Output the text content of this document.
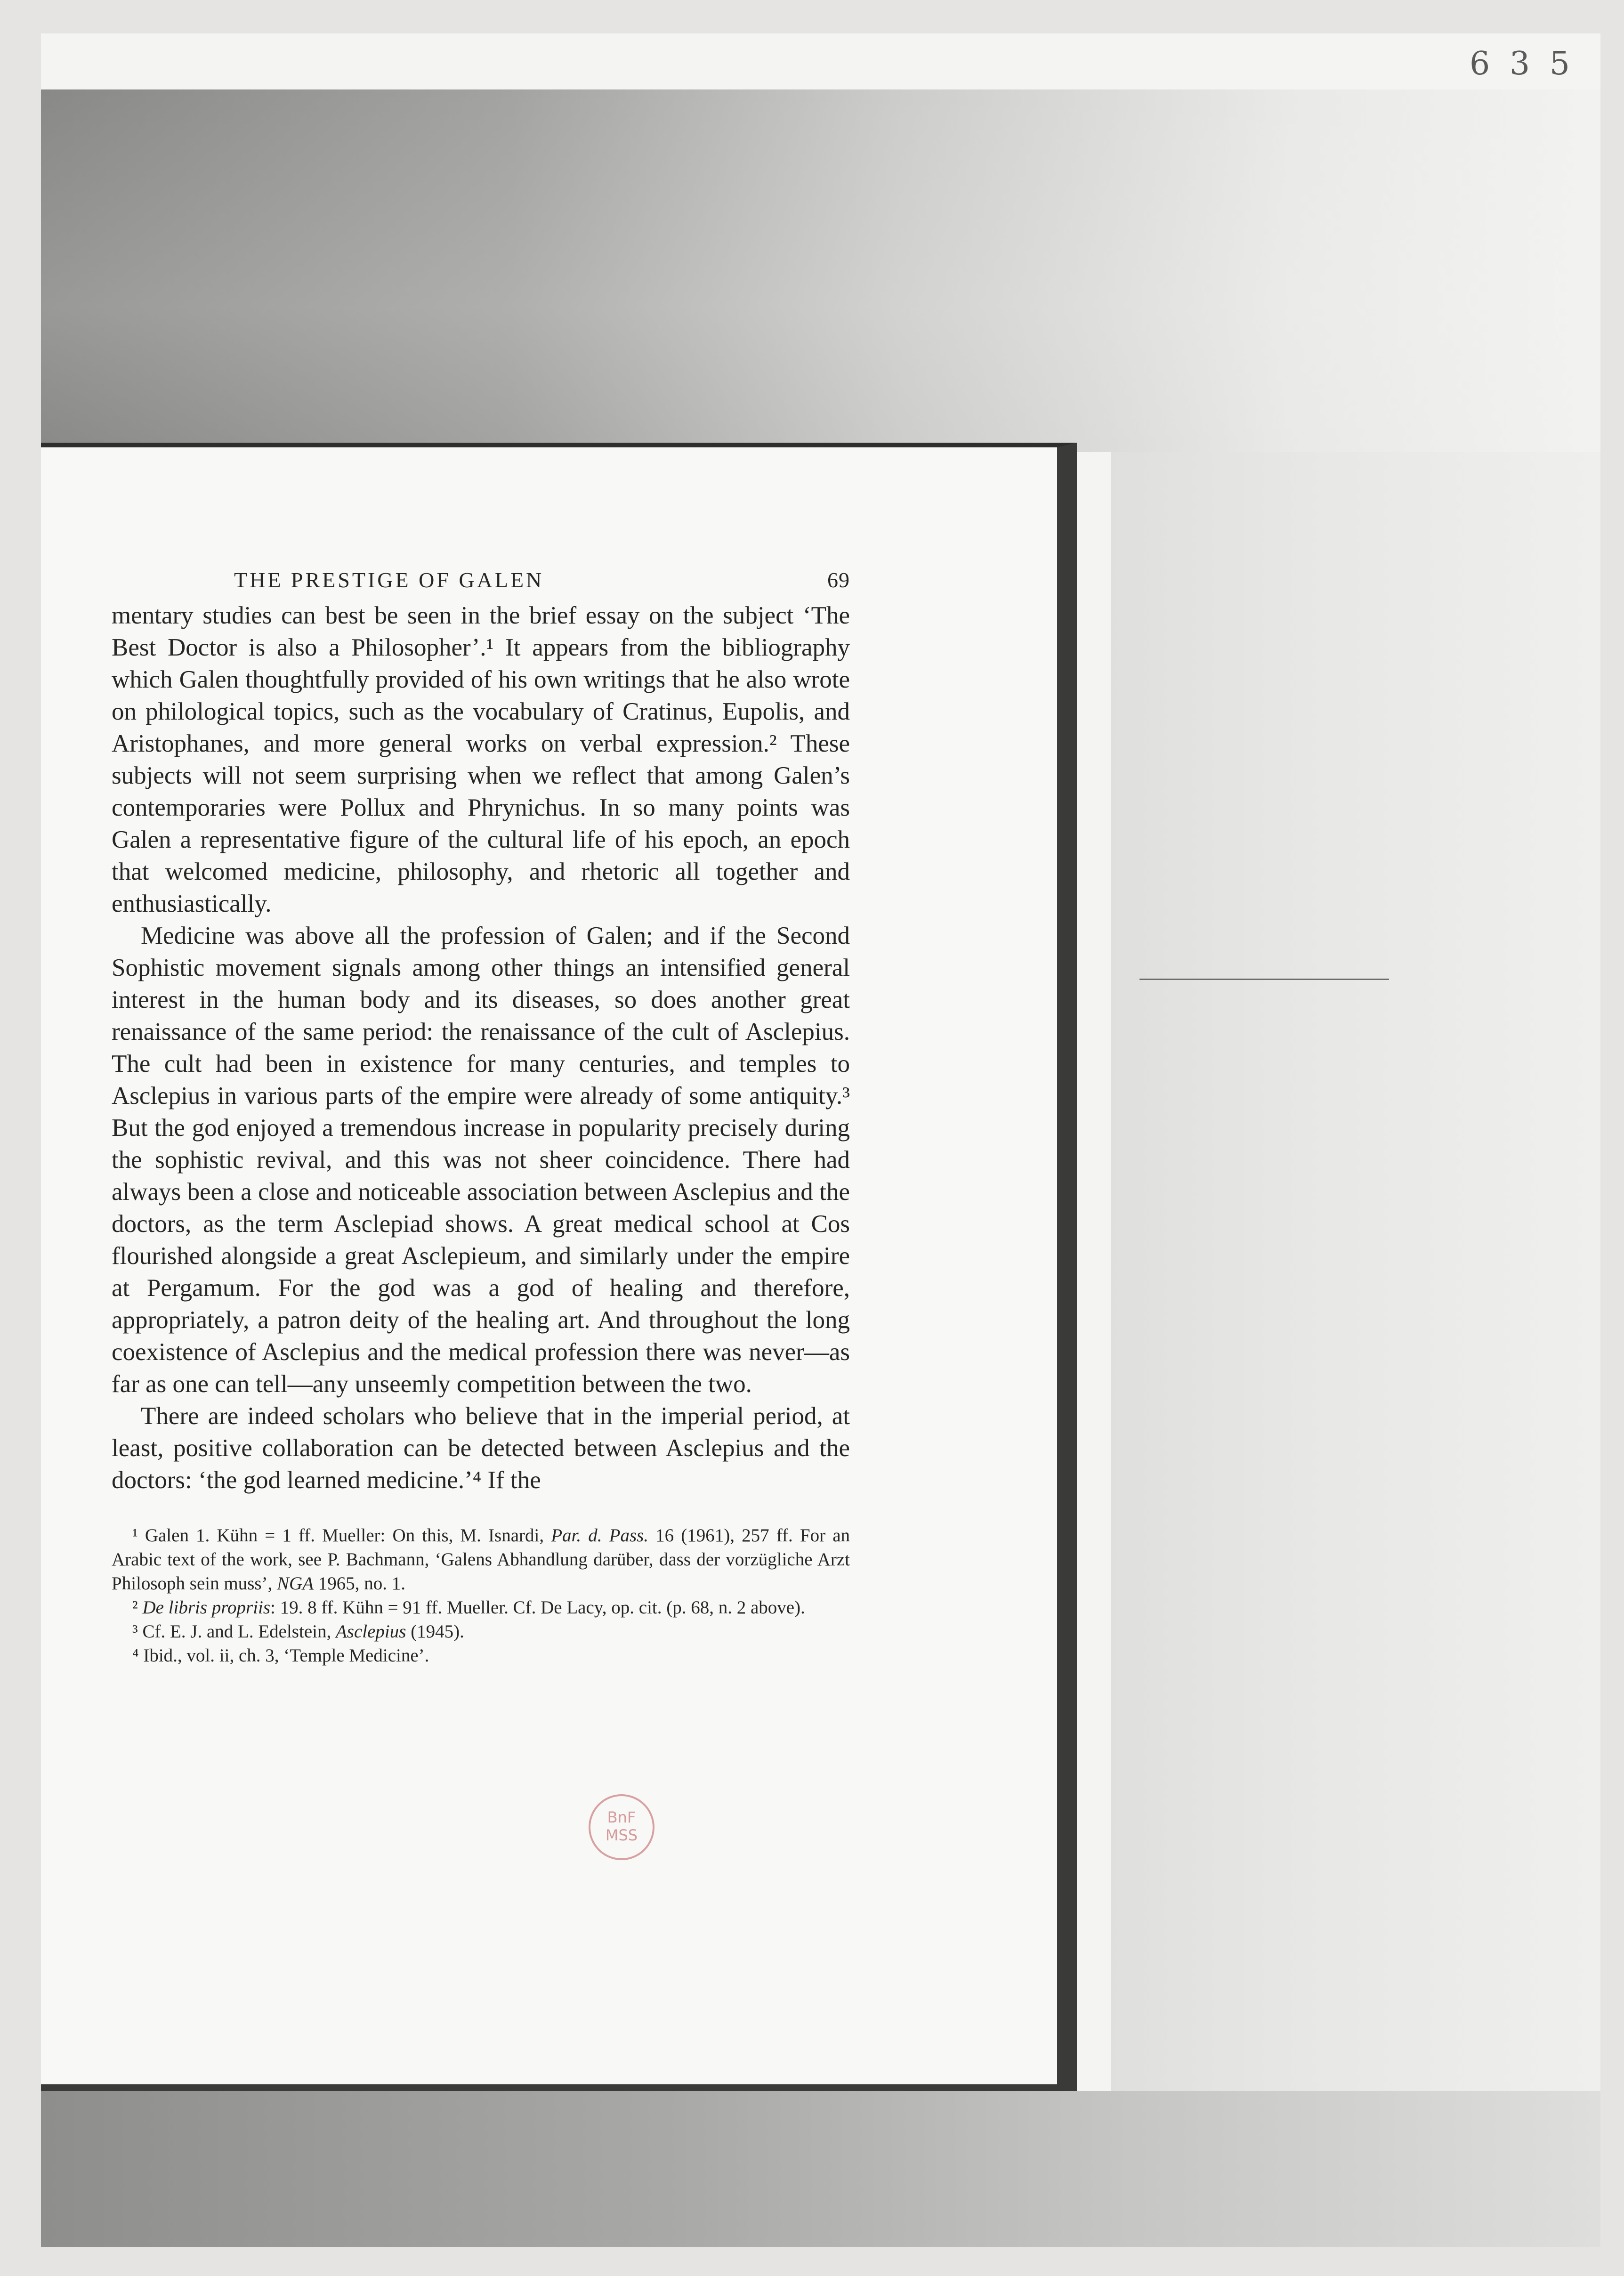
6 3 5
THE PRESTIGE OF GALEN	69

mentary studies can best be seen in the brief essay on the subject ‘The Best Doctor is also a Philosopher’.¹ It appears from the bibliography which Galen thoughtfully provided of his own writings that he also wrote on philological topics, such as the vocabulary of Cratinus, Eupolis, and Aristophanes, and more general works on verbal expression.² These subjects will not seem surprising when we reflect that among Galen’s contemporaries were Pollux and Phrynichus. In so many points was Galen a representative figure of the cultural life of his epoch, an epoch that welcomed medicine, philosophy, and rhetoric all together and enthusiastically.

Medicine was above all the profession of Galen; and if the Second Sophistic movement signals among other things an intensified general interest in the human body and its diseases, so does another great renaissance of the same period: the renaissance of the cult of Asclepius. The cult had been in existence for many centuries, and temples to Asclepius in various parts of the empire were already of some antiquity.³ But the god enjoyed a tremendous increase in popularity precisely during the sophistic revival, and this was not sheer coincidence. There had always been a close and noticeable association between Asclepius and the doctors, as the term Asclepiad shows. A great medical school at Cos flourished alongside a great Asclepieum, and similarly under the empire at Pergamum. For the god was a god of healing and therefore, appropriately, a patron deity of the healing art. And throughout the long coexistence of Asclepius and the medical profession there was never—as far as one can tell—any unseemly competition between the two.

There are indeed scholars who believe that in the imperial period, at least, positive collaboration can be detected between Asclepius and the doctors: ‘the god learned medicine.’⁴ If the

¹ Galen 1. Kühn = 1 ff. Mueller: On this, M. Isnardi, Par. d. Pass. 16 (1961), 257 ff. For an Arabic text of the work, see P. Bachmann, ‘Galens Abhandlung darüber, dass der vorzügliche Arzt Philosoph sein muss’, NGA 1965, no. 1.

² De libris propriis: 19. 8 ff. Kühn = 91 ff. Mueller. Cf. De Lacy, op. cit. (p. 68, n. 2 above).

³ Cf. E. J. and L. Edelstein, Asclepius (1945).

⁴ Ibid., vol. ii, ch. 3, ‘Temple Medicine’.

BnF
MSS
